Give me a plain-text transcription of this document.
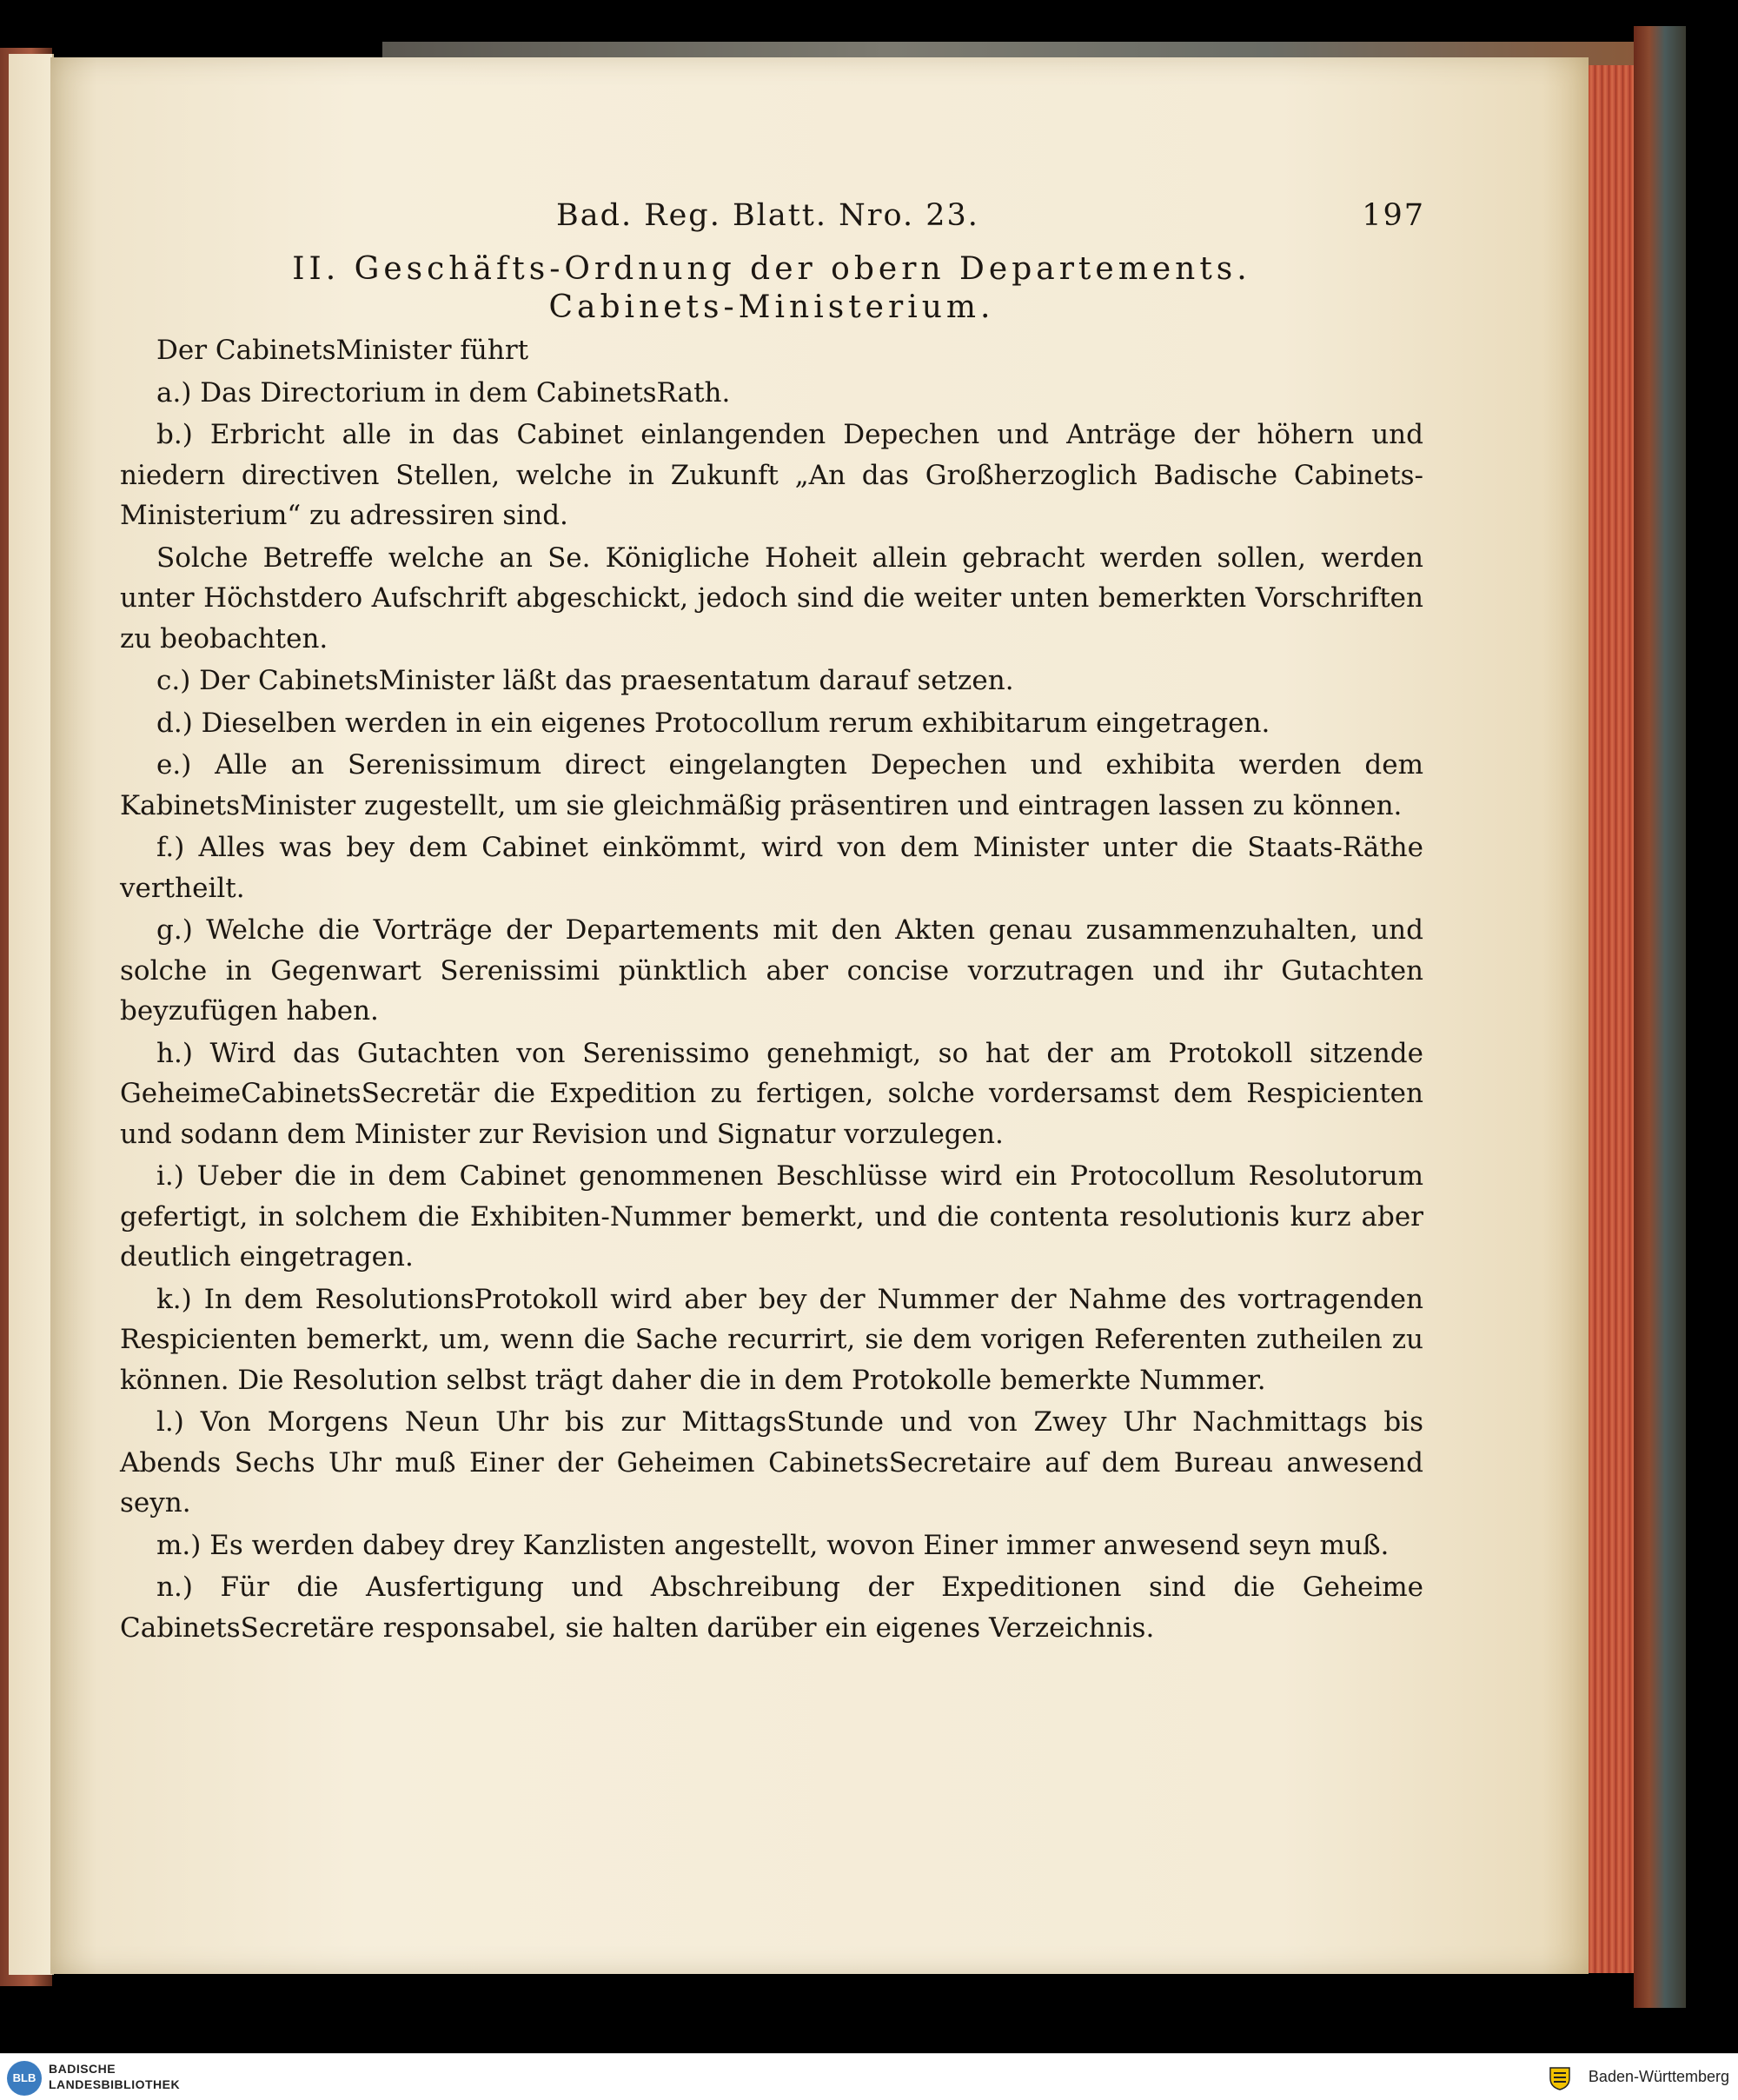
Bad. Reg. Blatt. Nro. 23.	197
II. Geschäfts-Ordnung der obern Departements.
Cabinets-Ministerium.

Der CabinetsMinister führt

a.) Das Directorium in dem CabinetsRath.

b.) Erbricht alle in das Cabinet einlangenden Depechen und Anträge der höhern und niedern directiven Stellen, welche in Zukunft „An das Großherzoglich Badische Cabinets-Ministerium“ zu adressiren sind.

Solche Betreffe welche an Se. Königliche Hoheit allein gebracht werden sollen, werden unter Höchstdero Aufschrift abgeschickt, jedoch sind die weiter unten bemerkten Vorschriften zu beobachten.

c.) Der CabinetsMinister läßt das praesentatum darauf setzen.

d.) Dieselben werden in ein eigenes Protocollum rerum exhibitarum eingetragen.

e.) Alle an Serenissimum direct eingelangten Depechen und exhibita werden dem KabinetsMinister zugestellt, um sie gleichmäßig präsentiren und eintragen lassen zu können.

f.) Alles was bey dem Cabinet einkömmt, wird von dem Minister unter die Staats-Räthe vertheilt.

g.) Welche die Vorträge der Departements mit den Akten genau zusammenzuhalten, und solche in Gegenwart Serenissimi pünktlich aber concise vorzutragen und ihr Gutachten beyzufügen haben.

h.) Wird das Gutachten von Serenissimo genehmigt, so hat der am Protokoll sitzende GeheimeCabinetsSecretär die Expedition zu fertigen, solche vordersamst dem Respicienten und sodann dem Minister zur Revision und Signatur vorzulegen.

i.) Ueber die in dem Cabinet genommenen Beschlüsse wird ein Protocollum Resolutorum gefertigt, in solchem die Exhibiten-Nummer bemerkt, und die contenta resolutionis kurz aber deutlich eingetragen.

k.) In dem ResolutionsProtokoll wird aber bey der Nummer der Nahme des vortragenden Respicienten bemerkt, um, wenn die Sache recurrirt, sie dem vorigen Referenten zutheilen zu können. Die Resolution selbst trägt daher die in dem Protokolle bemerkte Nummer.

l.) Von Morgens Neun Uhr bis zur MittagsStunde und von Zwey Uhr Nachmittags bis Abends Sechs Uhr muß Einer der Geheimen CabinetsSecretaire auf dem Bureau anwesend seyn.

m.) Es werden dabey drey Kanzlisten angestellt, wovon Einer immer anwesend seyn muß.

n.) Für die Ausfertigung und Abschreibung der Expeditionen sind die Geheime CabinetsSecretäre responsabel, sie halten darüber ein eigenes Verzeichnis.

BLB
BADISCHE
LANDESBIBLIOTHEK	Baden-Württemberg
